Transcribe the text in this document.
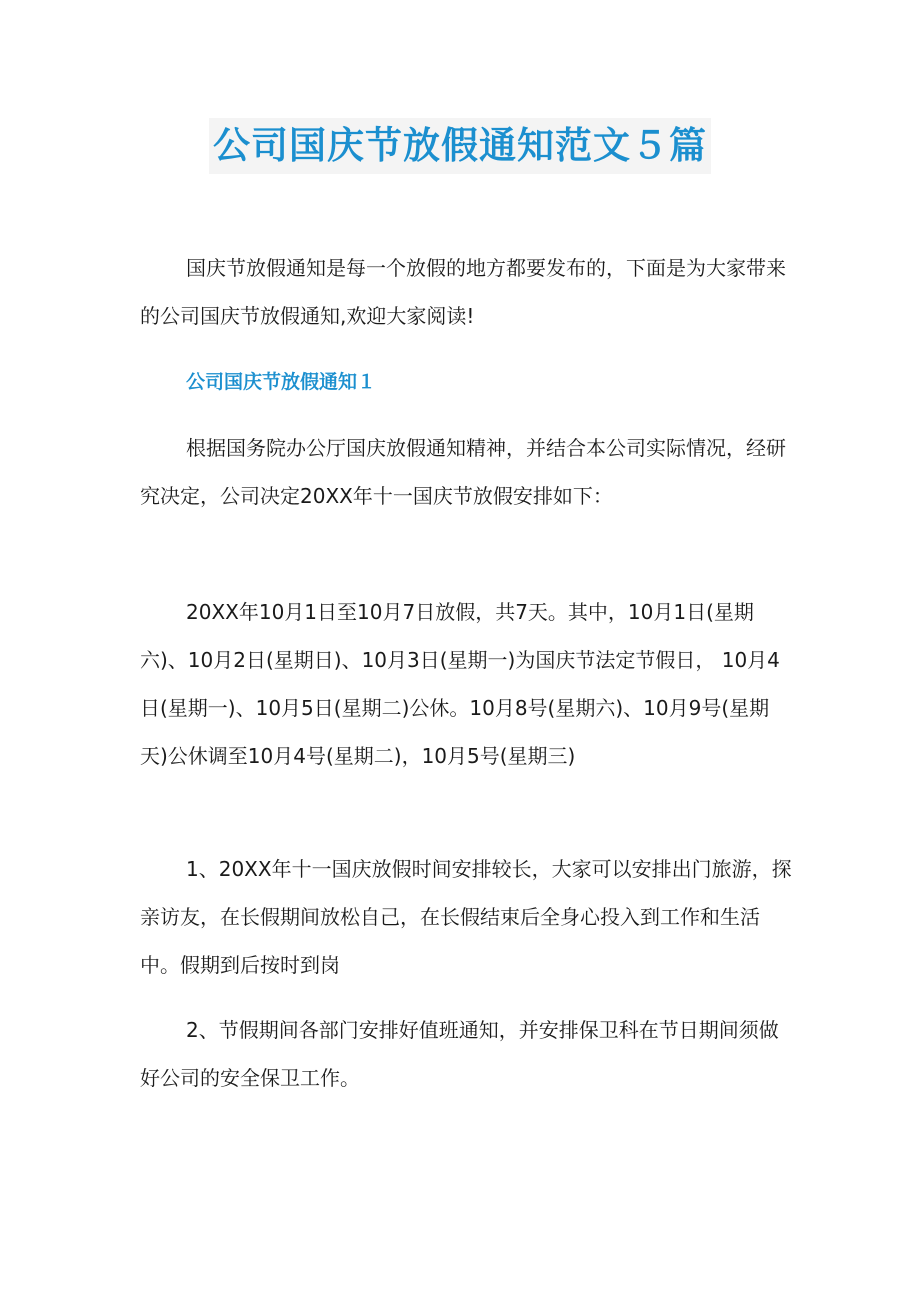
公司国庆节放假通知范文５篇

国庆节放假通知是每一个放假的地方都要发布的，下面是为大家带来的公司国庆节放假通知,欢迎大家阅读!

公司国庆节放假通知１

根据国务院办公厅国庆放假通知精神，并结合本公司实际情况，经研究决定，公司决定20XX年十一国庆节放假安排如下：

20XX年10月1日至10月7日放假，共7天。其中，10月1日(星期六)、10月2日(星期日)、10月3日(星期一)为国庆节法定节假日， 10月4日(星期一)、10月5日(星期二)公休。10月8号(星期六)、10月9号(星期天)公休调至10月4号(星期二)，10月5号(星期三)

1、20XX年十一国庆放假时间安排较长，大家可以安排出门旅游，探亲访友，在长假期间放松自己，在长假结束后全身心投入到工作和生活中。假期到后按时到岗

2、节假期间各部门安排好值班通知，并安排保卫科在节日期间须做好公司的安全保卫工作。
